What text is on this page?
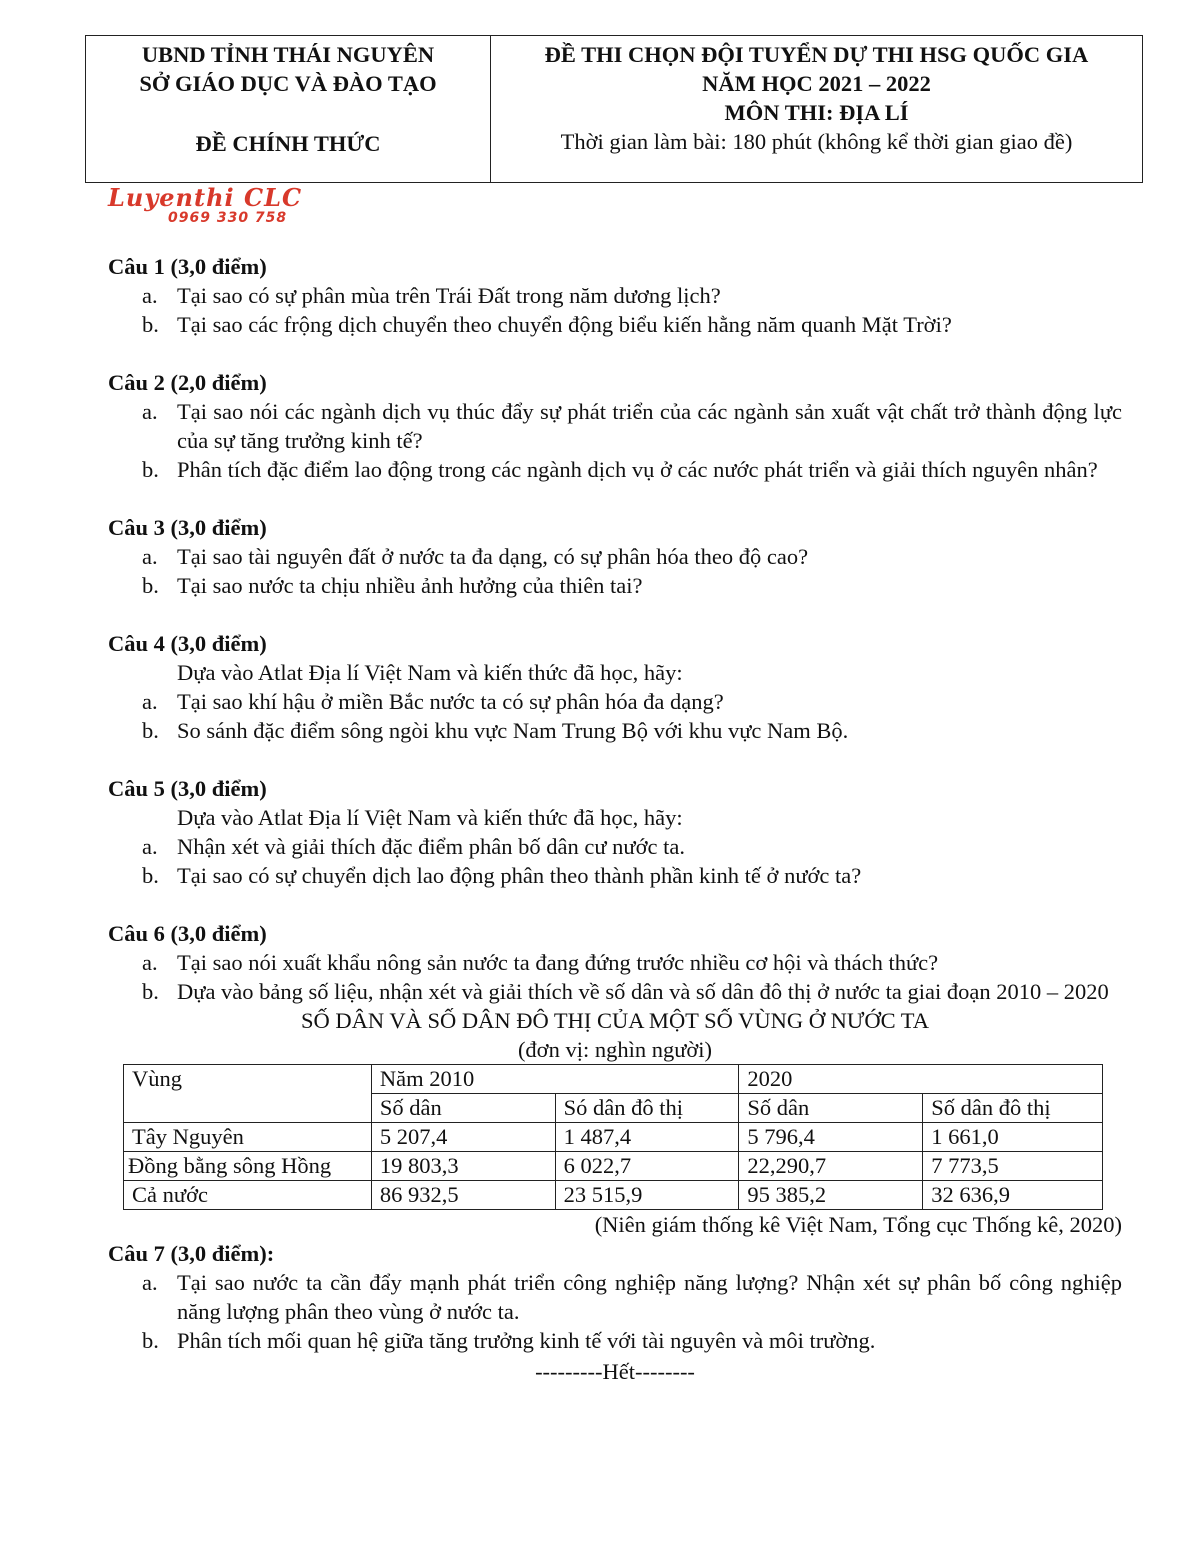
UBND TỈNH THÁI NGUYÊN
SỞ GIÁO DỤC VÀ ĐÀO TẠO
ĐỀ CHÍNH THỨC
ĐỀ THI CHỌN ĐỘI TUYỂN DỰ THI HSG QUỐC GIA
NĂM HỌC 2021 – 2022
MÔN THI: ĐỊA LÍ
Thời gian làm bài: 180 phút (không kể thời gian giao đề)
Luyenthi CLC
0969 330 758
Câu 1 (3,0 điểm)
a. Tại sao có sự phân mùa trên Trái Đất trong năm dương lịch?
b. Tại sao các frộng dịch chuyển theo chuyển động biểu kiến hằng năm quanh Mặt Trời?
Câu 2 (2,0 điểm)
a. Tại sao nói các ngành dịch vụ thúc đẩy sự phát triển của các ngành sản xuất vật chất trở thành động lực của sự tăng trưởng kinh tế?
b. Phân tích đặc điểm lao động trong các ngành dịch vụ ở các nước phát triển và giải thích nguyên nhân?
Câu 3 (3,0 điểm)
a. Tại sao tài nguyên đất ở nước ta đa dạng, có sự phân hóa theo độ cao?
b. Tại sao nước ta chịu nhiều ảnh hưởng của thiên tai?
Câu 4 (3,0 điểm)
Dựa vào Atlat Địa lí Việt Nam và kiến thức đã học, hãy:
a. Tại sao khí hậu ở miền Bắc nước ta có sự phân hóa đa dạng?
b. So sánh đặc điểm sông ngòi khu vực Nam Trung Bộ với khu vực Nam Bộ.
Câu 5 (3,0 điểm)
Dựa vào Atlat Địa lí Việt Nam và kiến thức đã học, hãy:
a. Nhận xét và giải thích đặc điểm phân bố dân cư nước ta.
b. Tại sao có sự chuyển dịch lao động phân theo thành phần kinh tế ở nước ta?
Câu 6 (3,0 điểm)
a. Tại sao nói xuất khẩu nông sản nước ta đang đứng trước nhiều cơ hội và thách thức?
b. Dựa vào bảng số liệu, nhận xét và giải thích về số dân và số dân đô thị ở nước ta giai đoạn 2010 – 2020
SỐ DÂN VÀ SỐ DÂN ĐÔ THỊ CỦA MỘT SỐ VÙNG Ở NƯỚC TA
(đơn vị: nghìn người)
Vùng	Năm 2010		2020	
	Số dân	Só dân đô thị	Số dân	Số dân đô thị
Tây Nguyên	5 207,4	1 487,4	5 796,4	1 661,0
Đồng bằng sông Hồng	19 803,3	6 022,7	22,290,7	7 773,5
Cả nước	86 932,5	23 515,9	95 385,2	32 636,9
(Niên giám thống kê Việt Nam, Tổng cục Thống kê, 2020)
Câu 7 (3,0 điểm):
a. Tại sao nước ta cần đẩy mạnh phát triển công nghiệp năng lượng? Nhận xét sự phân bố công nghiệp năng lượng phân theo vùng ở nước ta.
b. Phân tích mối quan hệ giữa tăng trưởng kinh tế với tài nguyên và môi trường.
---------Hết--------
